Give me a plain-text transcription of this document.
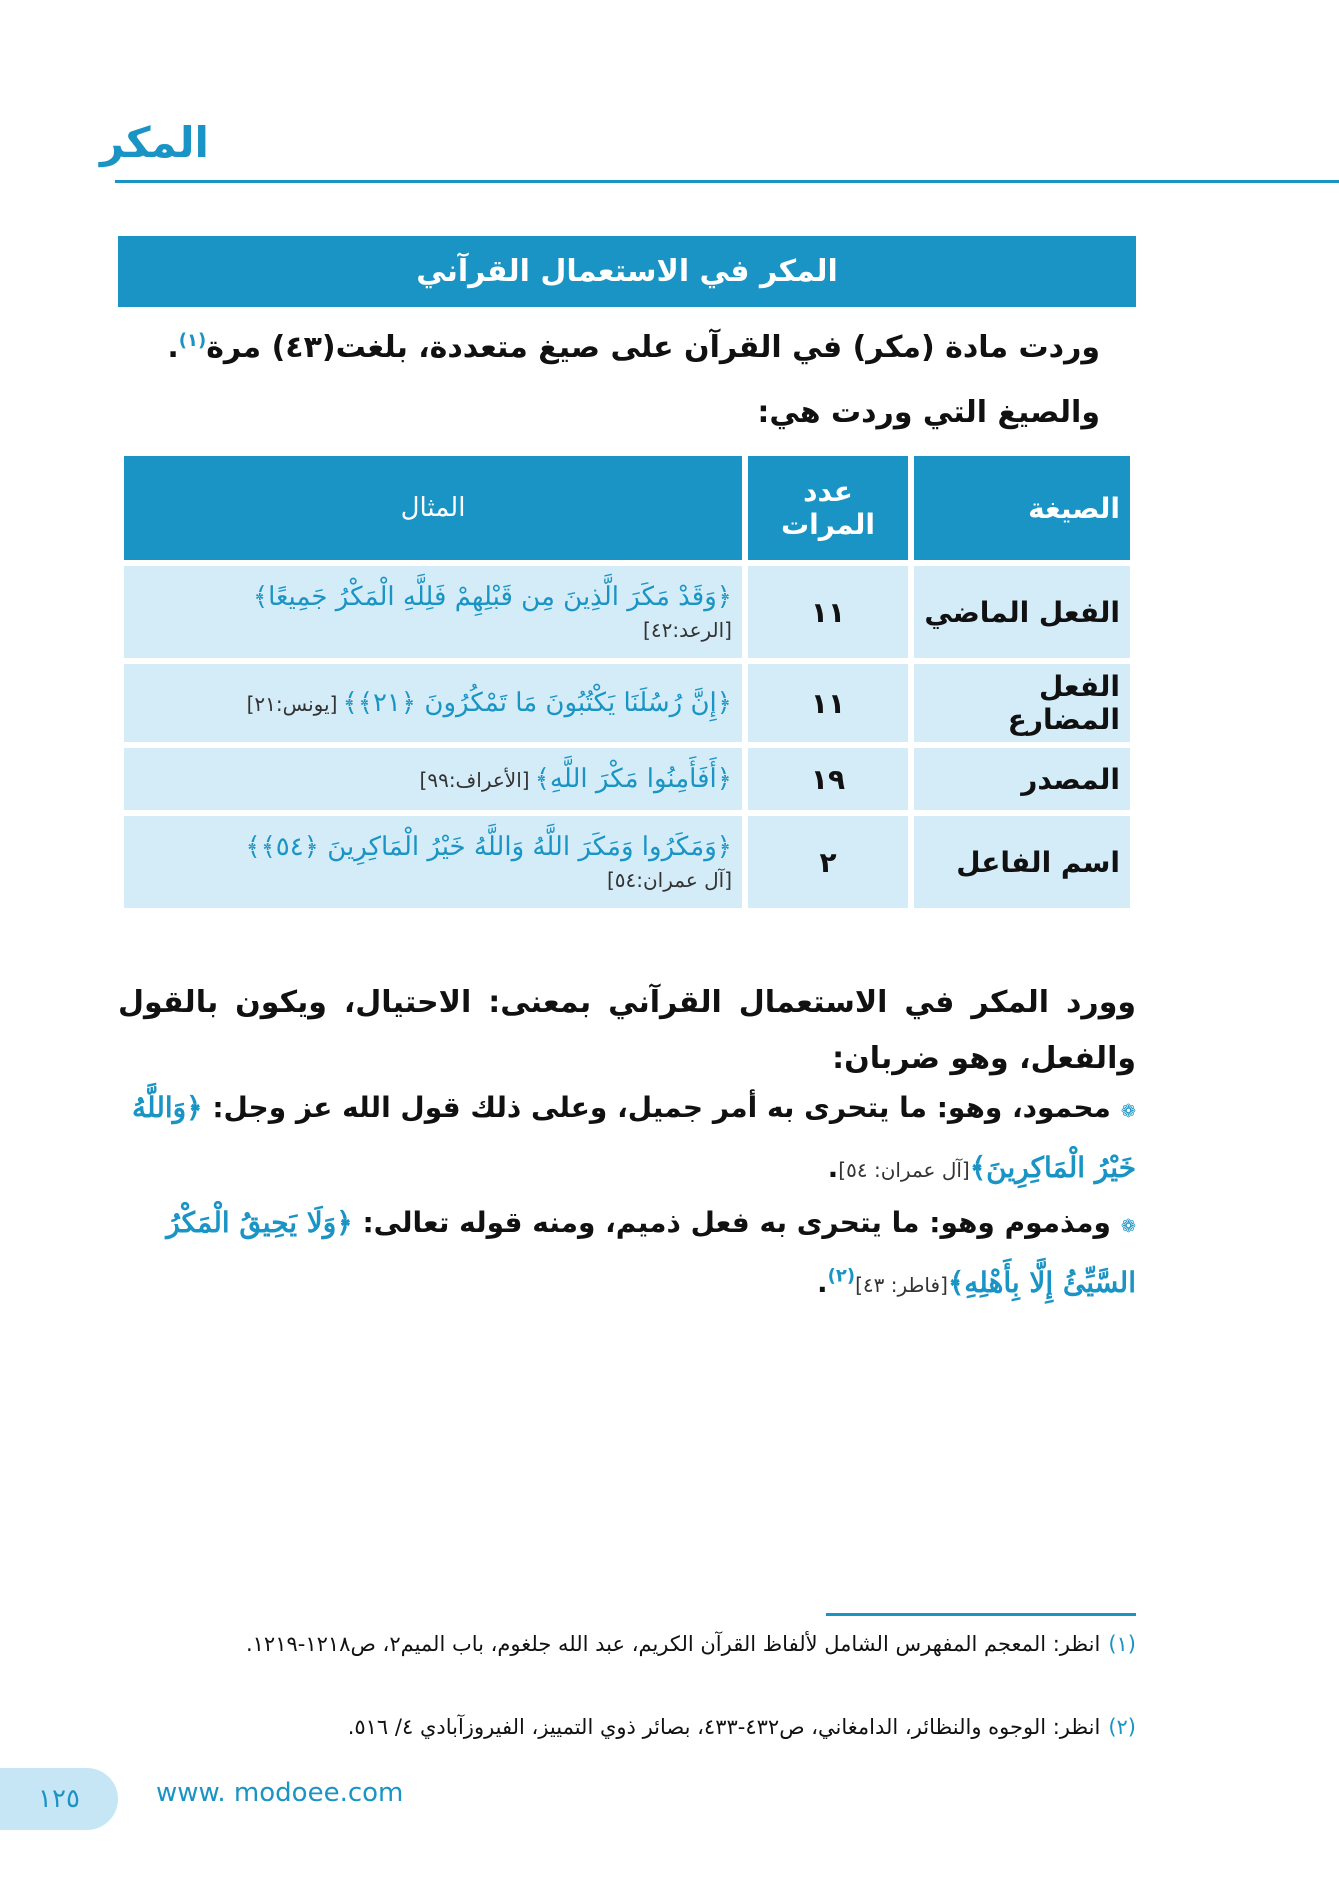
المكر
المكر في الاستعمال القرآني
وردت مادة (مكر) في القرآن على صيغ متعددة، بلغت(٤٣) مرة$^{(١)}$.
والصيغ التي وردت هي:
الصيغة	عدد المرات	المثال
الفعل الماضي	١١	﴿وَقَدْ مَكَرَ الَّذِينَ مِن قَبْلِهِمْ فَلِلَّهِ الْمَكْرُ جَمِيعًا﴾
[الرعد:٤٢]

الفعل المضارع	١١	﴿إِنَّ رُسُلَنَا يَكْتُبُونَ مَا تَمْكُرُونَ ﴿٢١﴾﴾ [يونس:٢١]
المصدر	١٩	﴿أَفَأَمِنُوا مَكْرَ اللَّهِ﴾ [الأعراف:٩٩]
اسم الفاعل	٢	﴿وَمَكَرُوا وَمَكَرَ اللَّهُ وَاللَّهُ خَيْرُ الْمَاكِرِينَ ﴿٥٤﴾﴾
[آل عمران:٥٤]
وورد المكر في الاستعمال القرآني بمعنى: الاحتيال، ويكون بالقول والفعل، وهو ضربان:
❁محمود، وهو: ما يتحرى به أمر جميل، وعلى ذلك قول الله عز وجل: ﴿وَاللَّهُ خَيْرُ الْمَاكِرِينَ﴾[آل عمران: ٥٤].
❁ومذموم وهو: ما يتحرى به فعل ذميم، ومنه قوله تعالى: ﴿وَلَا يَحِيقُ الْمَكْرُ السَّيِّئُ إِلَّا بِأَهْلِهِ﴾[فاطر: ٤٣]$^{(٢)}$.
(١)انظر: المعجم المفهرس الشامل لألفاظ القرآن الكريم، عبد الله جلغوم، باب الميم٢، ص١٢١٨-١٢١٩.
(٢)انظر: الوجوه والنظائر، الدامغاني، ص٤٣٢-٤٣٣، بصائر ذوي التمييز، الفيروزآبادي ٤/ ٥١٦.
١٢٥	www. modoee.com
